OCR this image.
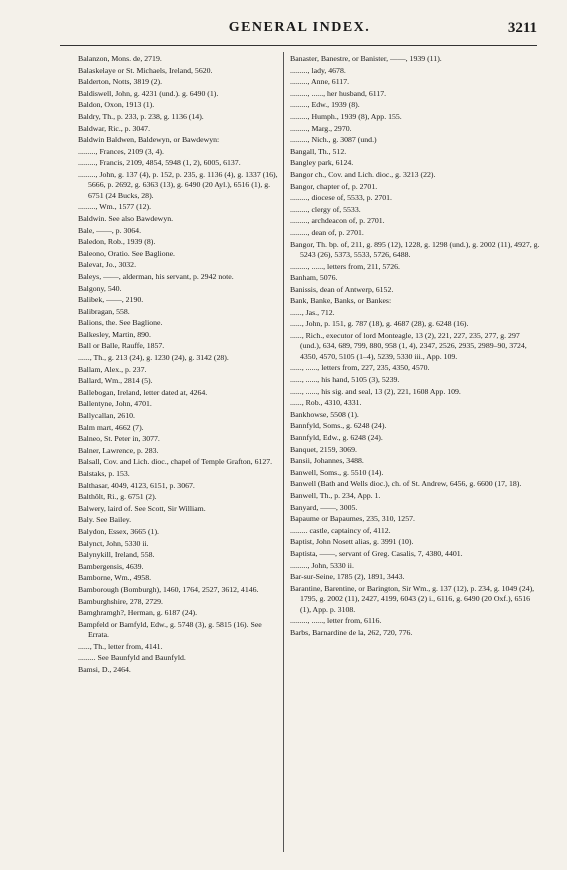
GENERAL INDEX.	3211
Balanzon, Mons. de, 2719.
Balaskelaye or St. Michaels, Ireland, 5620.
Balderton, Notts, 3819 (2).
Baldiswell, John, g. 4231 (und.). g. 6490 (1).
Baldon, Oxon, 1913 (1).
Baldry, Th., p. 233, p. 238, g. 1136 (14).
Baldwar, Ric., p. 3047.
Baldwin Baldwen, Baldewyn, or Bawdewyn:
........., Frances, 2109 (3, 4).
........., Francis, 2109, 4854, 5948 (1, 2), 6005, 6137.
........., John, g. 137 (4), p. 152, p. 235, g. 1136 (4), g. 1337 (16), 5666, p. 2692, g. 6363 (13), g. 6490 (20 Ayl.), 6516 (1), g. 6751 (24 Bucks, 28).
........., Wm., 1577 (12).
Baldwin. See also Bawdewyn.
Bale, ——, p. 3064.
Baledon, Rob., 1939 (8).
Baleono, Oratio. See Baglione.
Balevat, Jo., 3032.
Baleys, ——, alderman, his servant, p. 2942 note.
Balgony, 540.
Balibek, ——, 2190.
Balibragan, 558.
Balions, the. See Baglione.
Balkesley, Martin, 890.
Ball or Balle, Rauffe, 1857.
......, Th., g. 213 (24), g. 1230 (24), g. 3142 (28).
Ballam, Alex., p. 237.
Ballard, Wm., 2814 (5).
Ballebogan, Ireland, letter dated at, 4264.
Ballentyne, John, 4701.
Ballycallan, 2610.
Balm mart, 4662 (7).
Balneo, St. Peter in, 3077.
Balner, Lawrence, p. 283.
Balsall, Cov. and Lich. dioc., chapel of Temple Grafton, 6127.
Balstaks, p. 153.
Balthasar, 4049, 4123, 6151, p. 3067.
Balthôlt, Ri., g. 6751 (2).
Balwery, laird of. See Scott, Sir William.
Baly. See Bailey.
Balydon, Essex, 3665 (1).
Balynct, John, 5330 ii.
Balynykill, Ireland, 558.
Bambergensis, 4639.
Bamborne, Wm., 4958.
Bamborough (Bomburgh), 1460, 1764, 2527, 3612, 4146.
Bamburghshire, 278, 2729.
Bamghramgh?, Herman, g. 6187 (24).
Bampfeld or Bamfyld, Edw., g. 5748 (3), g. 5815 (16). See Errata.
......, Th., letter from, 4141.
......... See Baunfyld and Baunfyld.
Bamsi, D., 2464.
Banaster, Banestre, or Banister, ——, 1939 (11).
........., lady, 4678.
........., Anne, 6117.
........., ......, her husband, 6117.
........., Edw., 1939 (8).
........., Humph., 1939 (8), App. 155.
........., Marg., 2970.
........., Nich., g. 3087 (und.)
Bangall, Th., 512.
Bangley park, 6124.
Bangor ch., Cov. and Lich. dioc., g. 3213 (22).
Bangor, chapter of, p. 2701.
........., diocese of, 5533, p. 2701.
........., clergy of, 5533.
........., archdeacon of, p. 2701.
........., dean of, p. 2701.
Bangor, Th. bp. of, 211, g. 895 (12), 1228, g. 1298 (und.), g. 2002 (11), 4927, g. 5243 (26), 5373, 5533, 5726, 6488.
........., ......, letters from, 211, 5726.
Banham, 5076.
Banissis, dean of Antwerp, 6152.
Bank, Banke, Banks, or Bankes:
......, Jas., 712.
......, John, p. 151, g. 787 (18), g. 4687 (28), g. 6248 (16).
......, Rich., executor of lord Monteagle, 13 (2), 221, 227, 235, 277, g. 297 (und.), 634, 689, 799, 880, 958 (1, 4), 2347, 2526, 2935, 2989–90, 3724, 4350, 4570, 5105 (1–4), 5239, 5330 iii., App. 109.
......, ......, letters from, 227, 235, 4350, 4570.
......, ......, his hand, 5105 (3), 5239.
......, ......, his sig. and seal, 13 (2), 221, 1608 App. 109.
......, Rob., 4310, 4331.
Bankhowse, 5508 (1).
Bannfyld, Soms., g. 6248 (24).
Bannfyld, Edw., g. 6248 (24).
Banquet, 2159, 3069.
Bansii, Johannes, 3488.
Banwell, Soms., g. 5510 (14).
Banwell (Bath and Wells dioc.), ch. of St. Andrew, 6456, g. 6600 (17, 18).
Banwell, Th., p. 234, App. 1.
Banyard, ——, 3005.
Bapaume or Bapaumes, 235, 310, 1257.
......... castle, captaincy of, 4112.
Baptist, John Nosett alias, g. 3991 (10).
Baptista, ——, servant of Greg. Casalis, 7, 4380, 4401.
........., John, 5330 ii.
Bar-sur-Seine, 1785 (2), 1891, 3443.
Barantine, Barentine, or Barington, Sir Wm., g. 137 (12), p. 234, g. 1049 (24), 1795, g. 2002 (11), 2427, 4199, 6043 (2) i., 6116, g. 6490 (20 Oxf.), 6516 (1), App. p. 3108.
........., ......, letter from, 6116.
Barbs, Barnardine de la, 262, 720, 776.
